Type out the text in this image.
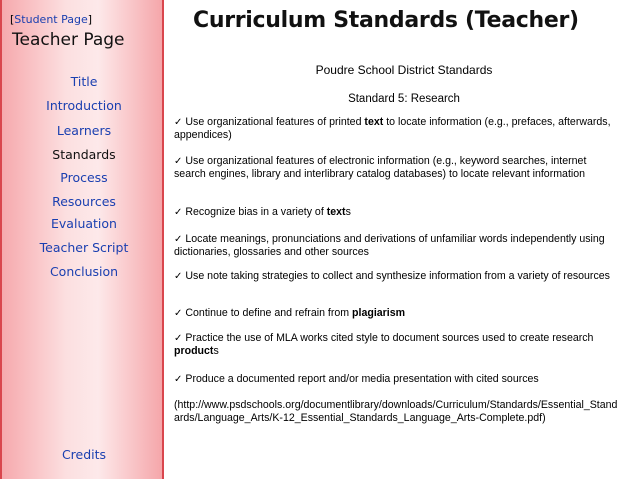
[Student Page]
Teacher Page
Title
Introduction
Learners
Standards
Process
Resources
Evaluation
Teacher Script
Conclusion
Credits
Curriculum Standards (Teacher)
Poudre School District Standards
Standard 5: Research
✓ Use organizational features of printed text to locate information (e.g., prefaces, afterwards, appendices)
✓ Use organizational features of electronic information (e.g., keyword searches, internet search engines, library and interlibrary catalog databases) to locate relevant information
✓ Recognize bias in a variety of texts
✓ Locate meanings, pronunciations and derivations of unfamiliar words independently using dictionaries, glossaries and other sources
✓ Use note taking strategies to collect and synthesize information from a variety of resources
✓ Continue to define and refrain from plagiarism
✓ Practice the use of MLA works cited style to document sources used to create research products
✓ Produce a documented report and/or media presentation with cited sources
(http://www.psdschools.org/documentlibrary/downloads/Curriculum/Standards/Essential_Standards/Language_Arts/K-12_Essential_Standards_Language_Arts-Complete.pdf)
